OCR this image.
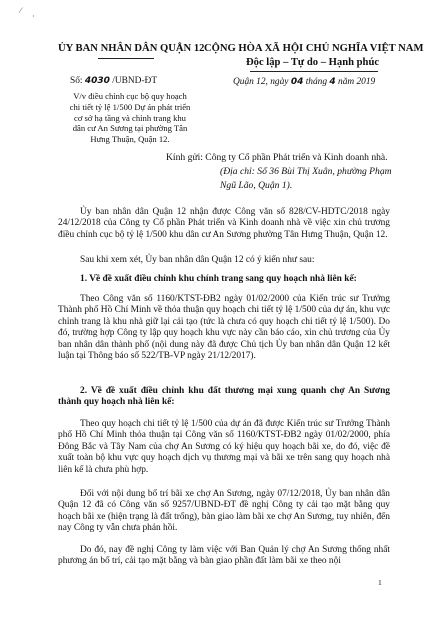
⁄
·
ỦY BAN NHÂN DÂN QUẬN 12 CỘNG HÒA XÃ HỘI CHỦ NGHĨA VIỆT NAM
Độc lập – Tự do – Hạnh phúc
Số: 4030 /UBND-ĐT	Quận 12, ngày 04 tháng 4 năm 2019
V/v điều chỉnh cục bộ quy hoạch
chi tiết tỷ lệ 1/500 Dự án phát triển
cơ sở hạ tầng và chỉnh trang khu
dân cư An Sương tại phường Tân
Hưng Thuận, Quận 12.
Kính gửi: Công ty Cổ phần Phát triển và Kinh doanh nhà.
(Địa chỉ: Số 36 Bùi Thị Xuân, phường Phạm
Ngũ Lão, Quận 1).
Ủy ban nhân dân Quận 12 nhận được Công văn số 828/CV-HDTC/2018 ngày 24/12/2018 của Công ty Cổ phần Phát triển và Kinh doanh nhà về việc xin chủ trương điều chỉnh cục bộ tỷ lệ 1/500 khu dân cư An Sương phường Tân Hưng Thuận, Quận 12.
Sau khi xem xét, Ủy ban nhân dân Quận 12 có ý kiến như sau:
1. Về đề xuất điều chỉnh khu chính trang sang quy hoạch nhà liên kế:
Theo Công văn số 1160/KTST-ĐB2 ngày 01/02/2000 của Kiến trúc sư Trưởng Thành phố Hồ Chí Minh về thỏa thuận quy hoạch chi tiết tỷ lệ 1/500 của dự án, khu vực chỉnh trang là khu nhà giữ lại cải tạo (tức là chưa có quy hoạch chi tiết tỷ lệ 1/500). Do đó, trường hợp Công ty lập quy hoạch khu vực này cần báo cáo, xin chủ trương của Ủy ban nhân dân thành phố (nội dung này đã được Chủ tịch Ủy ban nhân dân Quận 12 kết luận tại Thông báo số 522/TB-VP ngày 21/12/2017).
2. Về đề xuất điều chỉnh khu đất thương mại xung quanh chợ An Sương thành quy hoạch nhà liên kế:
Theo quy hoạch chi tiết tỷ lệ 1/500 của dự án đã được Kiến trúc sư Trưởng Thành phố Hồ Chí Minh thỏa thuận tại Công văn số 1160/KTST-ĐB2 ngày 01/02/2000, phía Đông Bắc và Tây Nam của chợ An Sương có ký hiệu quy hoạch bãi xe, do đó, việc đề xuất toàn bộ khu vực quy hoạch dịch vụ thương mại và bãi xe trên sang quy hoạch nhà liên kế là chưa phù hợp.
Đối với nội dung bố trí bãi xe chợ An Sương, ngày 07/12/2018, Ủy ban nhân dân Quận 12 đã có Công văn số 9257/UBND-ĐT đề nghị Công ty cải tạo mặt bằng quy hoạch bãi xe (hiện trạng là đất trống), bàn giao làm bãi xe chợ An Sương, tuy nhiên, đến nay Công ty vẫn chưa phản hồi.
Do đó, nay đề nghị Công ty làm việc với Ban Quản lý chợ An Sương thống nhất phương án bố trí, cải tạo mặt bằng và bàn giao phần đất làm bãi xe theo nội
1
